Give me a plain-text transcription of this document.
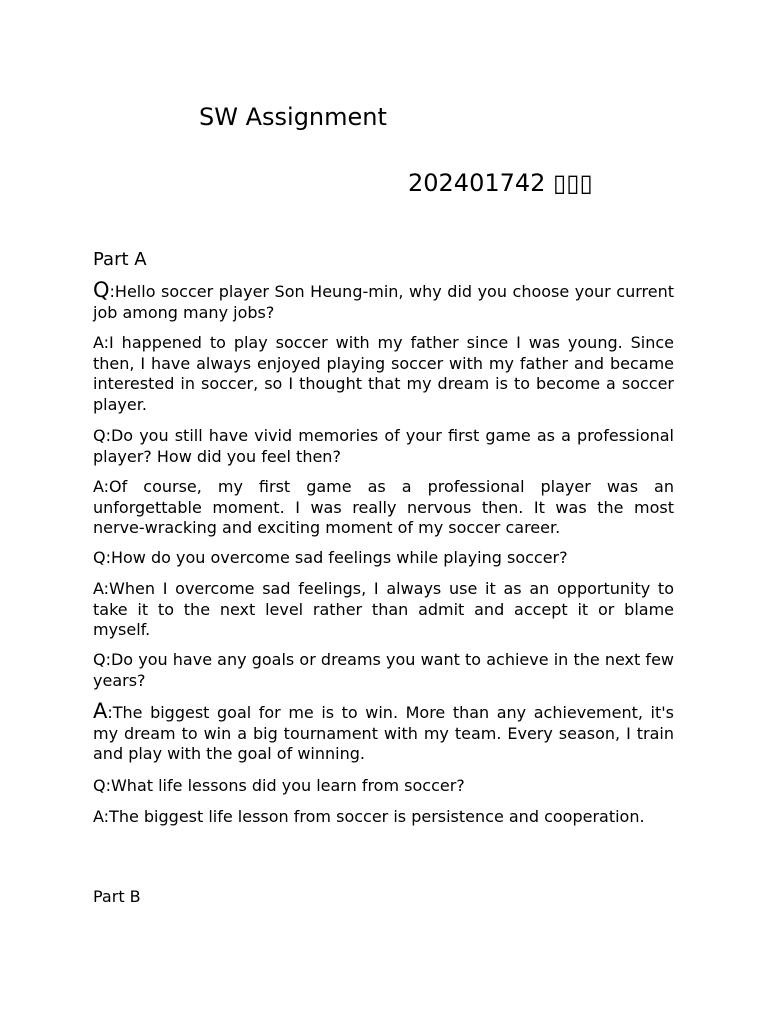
SW Assignment
202401742 ▯▯▯
Part A

Q:Hello soccer player Son Heung-min, why did you choose your current job among many jobs?

A:I happened to play soccer with my father since I was young. Since then, I have always enjoyed playing soccer with my father and became interested in soccer, so I thought that my dream is to become a soccer player.

Q:Do you still have vivid memories of your first game as a professional player? How did you feel then?

A:Of course, my first game as a professional player was an unforgettable moment. I was really nervous then. It was the most nerve-wracking and exciting moment of my soccer career.

Q:How do you overcome sad feelings while playing soccer?

A:When I overcome sad feelings, I always use it as an opportunity to take it to the next level rather than admit and accept it or blame myself.

Q:Do you have any goals or dreams you want to achieve in the next few years?

A:The biggest goal for me is to win. More than any achievement, it's my dream to win a big tournament with my team. Every season, I train and play with the goal of winning.

Q:What life lessons did you learn from soccer?

A:The biggest life lesson from soccer is persistence and cooperation.

Part B
